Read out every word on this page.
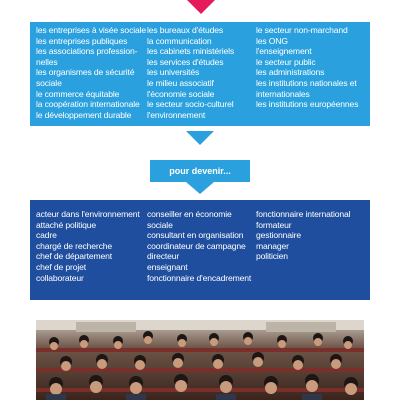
les entreprises à visée sociale
les entreprises publiques
les associations profession-
nelles
les organismes de sécurité
sociale
le commerce équitable
la coopération internationale
le développement durable
les bureaux d'études
la communication
les cabinets ministériels
les services d'études
les universités
le milieu associatif
l'économie sociale
le secteur socio-culturel
l'environnement
le secteur non-marchand
les ONG
l'enseignement
le secteur public
les administrations
les institutions nationales et
internationales
les institutions européennes
pour devenir...
acteur dans l'environnement
attaché politique
cadre
chargé de recherche
chef de département
chef de projet
collaborateur
conseiller en économie
sociale
consultant en organisation
coordinateur de campagne
directeur
enseignant
fonctionnaire d'encadrement
fonctionnaire international
formateur
gestionnaire
manager
politicien
